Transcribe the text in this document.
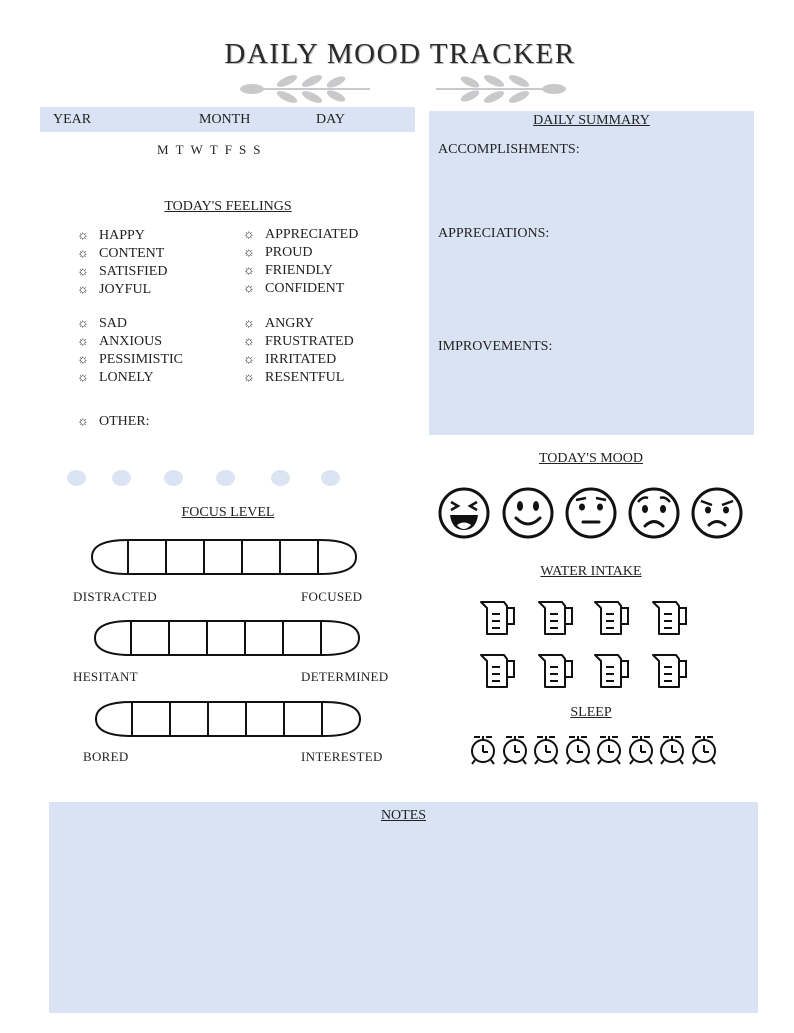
DAILY MOOD TRACKER
YEAR	MONTH	DAY
MTWTFSS
TODAY'S FEELINGS
☼ HAPPY
☼ CONTENT
☼ SATISFIED
☼ JOYFUL
☼ APPRECIATED
☼ PROUD
☼ FRIENDLY
☼ CONFIDENT
☼ SAD
☼ ANXIOUS
☼ PESSIMISTIC
☼ LONELY
☼ ANGRY
☼ FRUSTRATED
☼ IRRITATED
☼ RESENTFUL
☼ OTHER:
DAILY SUMMARY
ACCOMPLISHMENTS:
APPRECIATIONS:
IMPROVEMENTS:
FOCUS LEVEL
DISTRACTED	FOCUSED
HESITANT	DETERMINED
BORED	INTERESTED
TODAY'S MOOD
WATER INTAKE
SLEEP
NOTES
